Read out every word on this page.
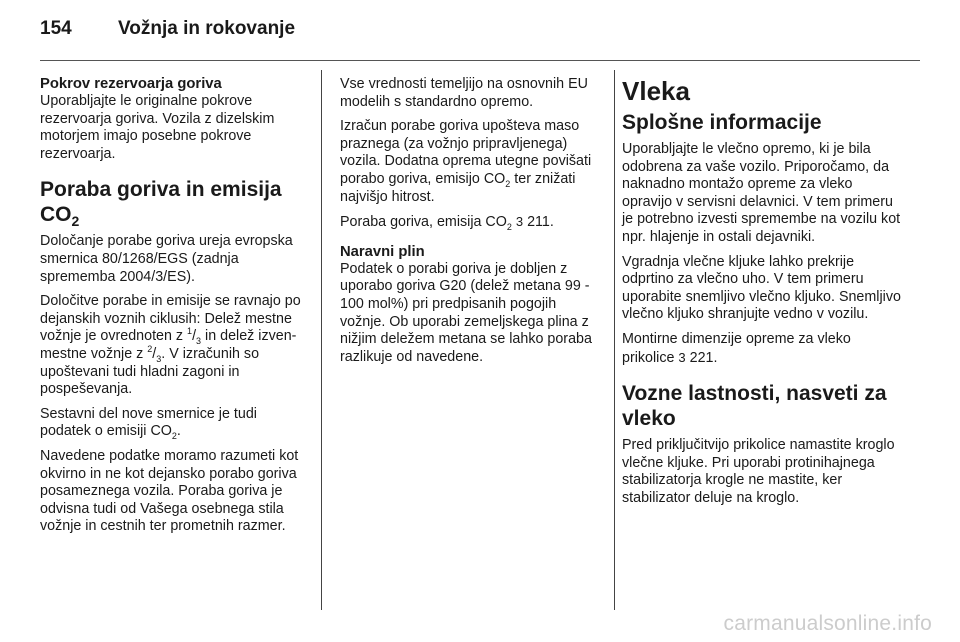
154 Vožnja in rokovanje
Pokrov rezervoarja goriva

Uporabljajte le originalne pokrove rezervoarja goriva. Vozila z dizelskim motorjem imajo posebne pokrove rezervoarja.

Poraba goriva in emisija $CO_2$

Določanje porabe goriva ureja evropska smernica 80/1268/EGS (zadnja sprememba 2004/3/ES).

Določitve porabe in emisije se ravnajo po dejanskih voznih ciklusih: Delež mestne vožnje je ovrednoten z $^1/_3$ in delež izven-mestne vožnje z $^2/_3$. V izračunih so upoštevani tudi hladni zagoni in pospeševanja.

Sestavni del nove smernice je tudi podatek o emisiji $CO_2$.

Navedene podatke moramo razumeti kot okvirno in ne kot dejansko porabo goriva posameznega vozila. Poraba goriva je odvisna tudi od Vašega osebnega stila vožnje in cestnih ter prometnih razmer.

Vse vrednosti temeljijo na osnovnih EU modelih s standardno opremo.

Izračun porabe goriva upošteva maso praznega (za vožnjo pripravljenega) vozila. Dodatna oprema utegne povišati porabo goriva, emisijo $CO_2$ ter znižati najvišjo hitrost.

Poraba goriva, emisija $CO_2$ 3 211.

Naravni plin

Podatek o porabi goriva je dobljen z uporabo goriva G20 (delež metana 99 - 100 mol%) pri predpisanih pogojih vožnje. Ob uporabi zemeljskega plina z nižjim deležem metana se lahko poraba razlikuje od navedene.

Vleka
Splošne informacije

Uporabljajte le vlečno opremo, ki je bila odobrena za vaše vozilo. Priporočamo, da naknadno montažo opreme za vleko opravijo v servisni delavnici. V tem primeru je potrebno izvesti spremembe na vozilu kot npr. hlajenje in ostali dejavniki.

Vgradnja vlečne kljuke lahko prekrije odprtino za vlečno uho. V tem primeru uporabite snemljivo vlečno kljuko. Snemljivo vlečno kljuko shranjujte vedno v vozilu.

Montirne dimenzije opreme za vleko prikolice 3 221.

Vozne lastnosti, nasveti za vleko

Pred priključitvijo prikolice namastite kroglo vlečne kljuke. Pri uporabi protinihajnega stabilizatorja krogle ne mastite, ker stabilizator deluje na kroglo.

carmanualsonline.info
